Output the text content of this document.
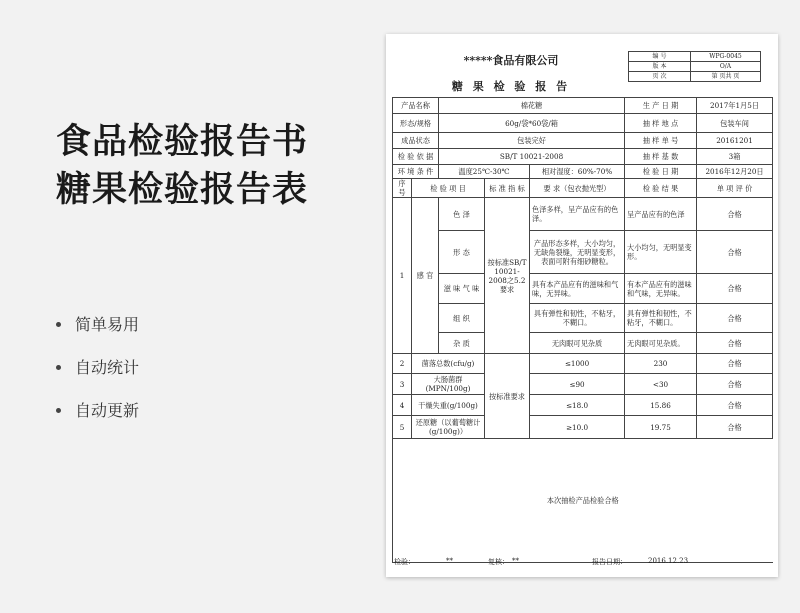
食品检验报告书
糖果检验报告表
简单易用
自动统计
自动更新
*****食品有限公司
糖 果 检 验 报 告
编 号	WPG-0045
版 本	O/A
页 次	第 页共 页
产品名称		棉花糖			生 产 日 期	2017年1月5日
形态/规格		60g/袋*60袋/箱			抽 样 地 点	包装车间
成品状态		包装完好			抽 样 单 号	20161201
检 验 依 据		SB/T 10021-2008			抽 样 基 数	3箱
环 境 条 件		温度25℃-30℃		相对湿度：60%-70%	检 验 日 期	2016年12月20日
序 号	检 验 项 目		标 准 指 标	要 求（包衣抛光型）	检 验 结 果	单 项 评 价
1	感 官	色 泽	按标准SB/T 10021-2008之5.2要求	色泽多样，呈产品应有的色泽。	呈产品应有的色泽	合格
		形 态		产品形态多样，大小均匀，无缺角裂缝，无明显变形，表面可附有细砂糖粒。	大小均匀，无明显变形。	合格
		滋 味 气 味		具有本产品应有的滋味和气味，无异味。	有本产品应有的滋味和气味，无异味。	合格
		组 织		具有弹性和韧性，不粘牙，不糊口。	具有弹性和韧性，不粘牙，不糊口。	合格
		杂 质		无肉眼可见杂质	无肉眼可见杂质。	合格
2	菌落总数(cfu/g)		按标准要求	≤1000	230	合格
3	大肠菌群(MPN/100g)			≤90	<30	合格
4	干燥失重(g/100g)			≤18.0	15.86	合格
5	还原糖（以葡萄糖计(g/100g)）			≥10.0	19.75	合格
本次抽检产品检验合格						
检验：	**	复核： **	报告日期：	2016.12.23
